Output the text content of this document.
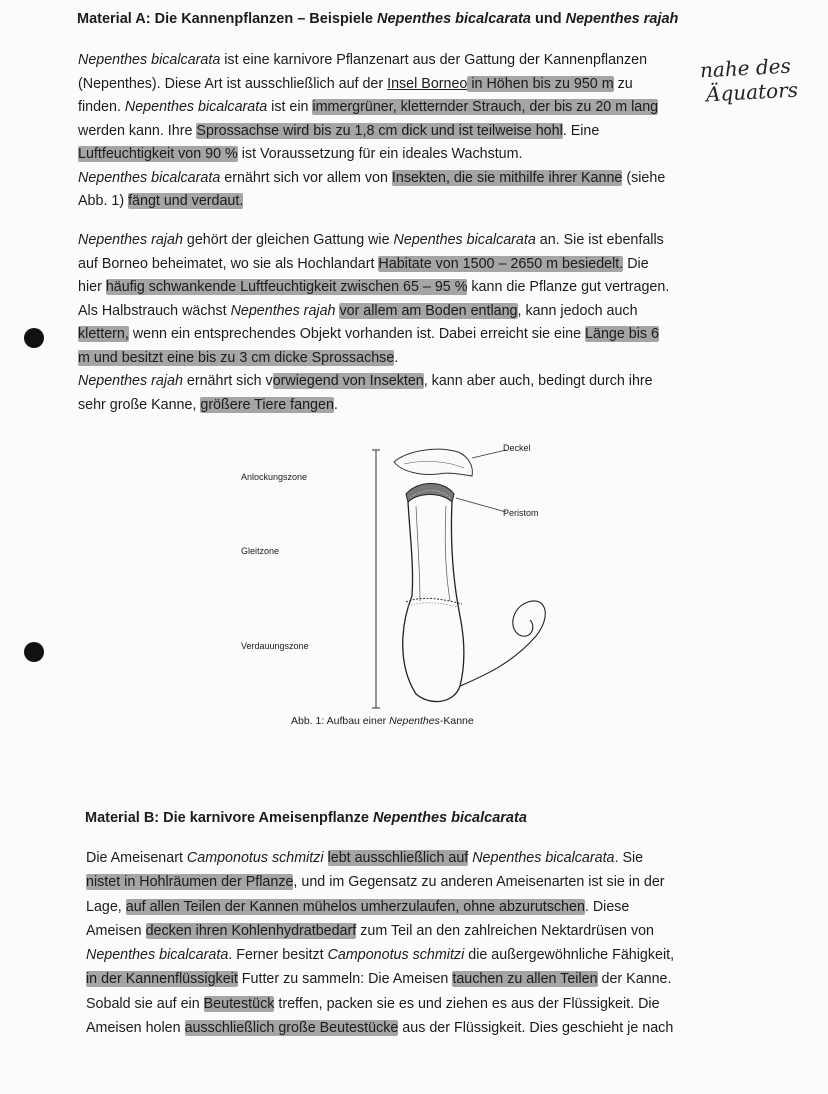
Material A: Die Kannenpflanzen – Beispiele Nepenthes bicalcarata und Nepenthes rajah
Nepenthes bicalcarata ist eine karnivore Pflanzenart aus der Gattung der Kannenpflanzen
(Nepenthes). Diese Art ist ausschließlich auf der Insel Borneo in Höhen bis zu 950 m zu
finden. Nepenthes bicalcarata ist ein immergrüner, kletternder Strauch, der bis zu 20 m lang
werden kann. Ihre Sprossachse wird bis zu 1,8 cm dick und ist teilweise hohl. Eine
Luftfeuchtigkeit von 90 % ist Voraussetzung für ein ideales Wachstum.
Nepenthes bicalcarata ernährt sich vor allem von Insekten, die sie mithilfe ihrer Kanne (siehe
Abb. 1) fängt und verdaut.
nahe des
Äquators
Nepenthes rajah gehört der gleichen Gattung wie Nepenthes bicalcarata an. Sie ist ebenfalls
auf Borneo beheimatet, wo sie als Hochlandart Habitate von 1500 – 2650 m besiedelt. Die
hier häufig schwankende Luftfeuchtigkeit zwischen 65 – 95 % kann die Pflanze gut vertragen.
Als Halbstrauch wächst Nepenthes rajah vor allem am Boden entlang, kann jedoch auch
klettern, wenn ein entsprechendes Objekt vorhanden ist. Dabei erreicht sie eine Länge bis 6
m und besitzt eine bis zu 3 cm dicke Sprossachse.
Nepenthes rajah ernährt sich vorwiegend von Insekten, kann aber auch, bedingt durch ihre
sehr große Kanne, größere Tiere fangen.
Anlockungszone
Gleitzone
Verdauungszone
Deckel
Peristom
Abb. 1: Aufbau einer Nepenthes-Kanne
Material B: Die karnivore Ameisenpflanze Nepenthes bicalcarata
Die Ameisenart Camponotus schmitzi lebt ausschließlich auf Nepenthes bicalcarata. Sie
nistet in Hohlräumen der Pflanze, und im Gegensatz zu anderen Ameisenarten ist sie in der
Lage, auf allen Teilen der Kannen mühelos umherzulaufen, ohne abzurutschen. Diese
Ameisen decken ihren Kohlenhydratbedarf zum Teil an den zahlreichen Nektardrüsen von
Nepenthes bicalcarata. Ferner besitzt Camponotus schmitzi die außergewöhnliche Fähigkeit,
in der Kannenflüssigkeit Futter zu sammeln: Die Ameisen tauchen zu allen Teilen der Kanne.
Sobald sie auf ein Beutestück treffen, packen sie es und ziehen es aus der Flüssigkeit. Die
Ameisen holen ausschließlich große Beutestücke aus der Flüssigkeit. Dies geschieht je nach
